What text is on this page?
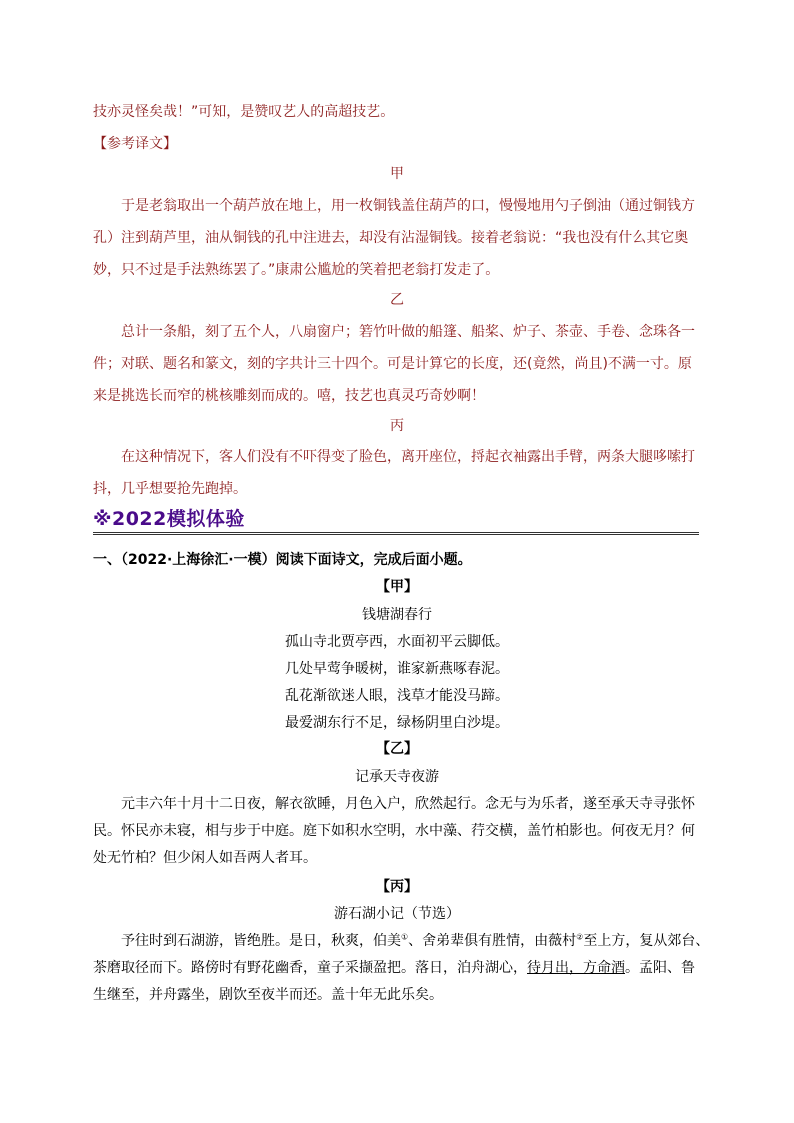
技亦灵怪矣哉！”可知，是赞叹艺人的高超技艺。
【参考译文】
甲
于是老翁取出一个葫芦放在地上，用一枚铜钱盖住葫芦的口，慢慢地用勺子倒油（通过铜钱方
孔）注到葫芦里，油从铜钱的孔中注进去，却没有沾湿铜钱。接着老翁说：“我也没有什么其它奥
妙，只不过是手法熟练罢了。”康肃公尴尬的笑着把老翁打发走了。
乙
总计一条船，刻了五个人，八扇窗户；箬竹叶做的船篷、船桨、炉子、茶壶、手卷、念珠各一
件；对联、题名和篆文，刻的字共计三十四个。可是计算它的长度，还(竟然，尚且)不满一寸。原
来是挑选长而窄的桃核雕刻而成的。嘻，技艺也真灵巧奇妙啊！
丙
在这种情况下，客人们没有不吓得变了脸色，离开座位，捋起衣袖露出手臂，两条大腿哆嗦打
抖，几乎想要抢先跑掉。
※2022模拟体验
一、（2022·上海徐汇·一模）阅读下面诗文，完成后面小题。
【甲】
钱塘湖春行
孤山寺北贾亭西，水面初平云脚低。
几处早莺争暖树，谁家新燕啄春泥。
乱花渐欲迷人眼，浅草才能没马蹄。
最爱湖东行不足，绿杨阴里白沙堤。
【乙】
记承天寺夜游
元丰六年十月十二日夜，解衣欲睡，月色入户，欣然起行。念无与为乐者，遂至承天寺寻张怀
民。怀民亦未寝，相与步于中庭。庭下如积水空明，水中藻、荇交横，盖竹柏影也。何夜无月？何
处无竹柏？但少闲人如吾两人者耳。
【丙】
游石湖小记（节选）
予往时到石湖游，皆绝胜。是日，秋爽，伯美①、舍弟辈俱有胜情，由薇村②至上方，复从郊台、
茶磨取径而下。路傍时有野花幽香，童子采撷盈把。落日，泊舟湖心，待月出，方命酒。孟阳、鲁
生继至，并舟露坐，剧饮至夜半而还。盖十年无此乐矣。
